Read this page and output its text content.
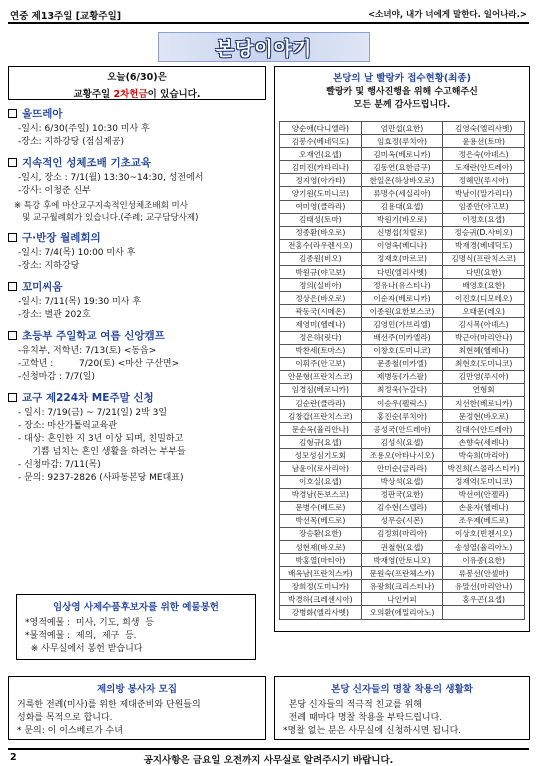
연중 제13주일 [교황주일]	<소녀야, 내가 너에게 말한다. 일어나라.>
본당이야기
오늘(6/30)은
교황주일 2차헌금이 있습니다.
울뜨레아

-일시: 6/30(주일) 10:30 미사 후
-장소: 지하강당 (점심제공)

지속적인 성체조배 기초교육

-일시, 장소 : 7/1(월) 13:30~14:30, 성전에서
-강사: 이청준 신부

※ 특강 후에 마산교구지속적인성체조배회 미사
및 교구월례회가 있습니다.(주례; 교구담당사제)
구·반장 월례회의

-일시: 7/4(목) 10:00 미사 후
-장소: 지하강당

꼬미씨움

-일시: 7/11(목) 19:30 미사 후
-장소: 별관 202호

초등부 주일학교 여름 신앙캠프

-유치부, 저학년: 7/13(토) <동읍>
-고학년 :         7/20(토) <마산 구산면>
-신청마감 : 7/7(일)

교구 제224차 ME주말 신청

- 일시: 7/19(금) ~ 7/21(일) 2박 3일
- 장소: 마산가톨릭교육관
- 대상: 혼인한 지 3년 이상 되며, 친밀하고
기쁨 넘치는 혼인 생활을 하려는 부부들
- 신청마감: 7/11(목)
- 문의: 9237-2826 (사파동본당 ME대표)

임상영 사제수품후보자를 위한 예물봉헌
*영적예물 :  미사, 기도, 희생  등
*물적예물 :  제의,  제구  등.
※ 사무실에서 봉헌 받습니다
본당의 날 빨랑카 접수현황(최종)
빨랑카 및 행사진행을 위해 수고해주신
모든 분께 감사드립니다.
양순애(다니엘라)	엄만섭(요한)	김영숙(엘리사벳)
김봉수(베네딕도)	임효정(루치아)	윤용선(토마)
오재언(요셉)	김미옥(베로니카)	정은숙(아녜스)
김미진(카타리나)	김동연(요한금구)	도재란(안드레아)
정지영(아가타)	한일온(하상바오로)	정혜민(루시아)
양기원(도미니코)	류명수(세실리아)	박남이(말가리다)
여미영(클라라)	김용대(요셉)	임종만(야고보)
김태성(토마)	박원기(바오로)	이정호(요셉)
정종환(바오로)	신병섭(치릴로)	정승귀(D.사비오)
전홍수(라우렌시오)	이영옥(베디나)	박재경(베네딕도)
김종원(비오)	정재호(마르코)	김명식(프란치스코)
박원규(야고보)	다빈(엘리사벳)	다빈(요한)
정의(실비아)	정유나(유스티나)	배영호(요한)
정상은(바오로)	이순자(베로니카)	이진호(디모테오)
곽동국(시메온)	이종원(요한보스코)	오태문(레오)
제영미(헬레나)	김영민(가브리엘)	김시목(아녜스)
정은하(릿다)	배선주(미카엘라)	박근아(마리안나)
박찬세(토마스)	이창호(도미니코)	최현혜(헬레나)
이휘주(안고보)	문종철(미카엘)	최현호(도미니코)
안문형(프란치스코)	제병동(가스팔)	김만영(루시아)
임경심(베로니카)	최정욱(누갈다)	연형회
김순란(클라라)	이승우(펠릭스)	지선한(베로니카)
김창갑(프란치스코)	홍진순(루치아)	문정현(바오로)
문순옥(율리안나)	공성국(안드레아)	김대수(안드레아)
김형규(요셉)	김성식(요셉)	손향숙(세레나)
성모성심기도회	조용오(아타나시오)	박숙희(마리아)
남윤이(로사리아)	안미순(글라라)	박진희(스콜라스티카)
이호실(요셉)	박상석(요셉)	정재억(도미니코)
박경남(돈보스코)	정판국(요한)	박선여(안젤라)
문병수(베드로)	김수현(스텔라)	손윤자(헬레나)
박선목(베드로)	성무승(시몬)	조우제(베드로)
장승환(요한)	김정희(마리아)	이상호(빈첸시오)
성현재(바오로)	권철현(요셉)	송성열(율리아노)
박홍열(마티아)	박재영(안토니오)	이유종(요한)
배옥남(프란치스카)	문원숙(프란체스카)	류봉선(안셀마)
장희정(도미니카)	유광희(크리스티나)	유말선(마리안나)
박경하(크레센시아)	나인커피	홍우곤(요셉)
강병화(엘리사벳)	오의환(에밀리아노)	
제의방 봉사자 모집
거룩한 전례(미사)를 위한 제대준비와 단원들의
성화를 목적으로 합니다.
* 문의: 이 이스베르가 수녀
본당 신자들의 명찰 착용의 생활화
본당 신자들의 적극적 친교를 위해
전례 때마다 명찰 착용을 부탁드립니다.
*명찰 없는 분은 사무실에 신청하시면 됩니다.
2	공지사항은 금요일 오전까지 사무실로 알려주시기 바랍니다.
